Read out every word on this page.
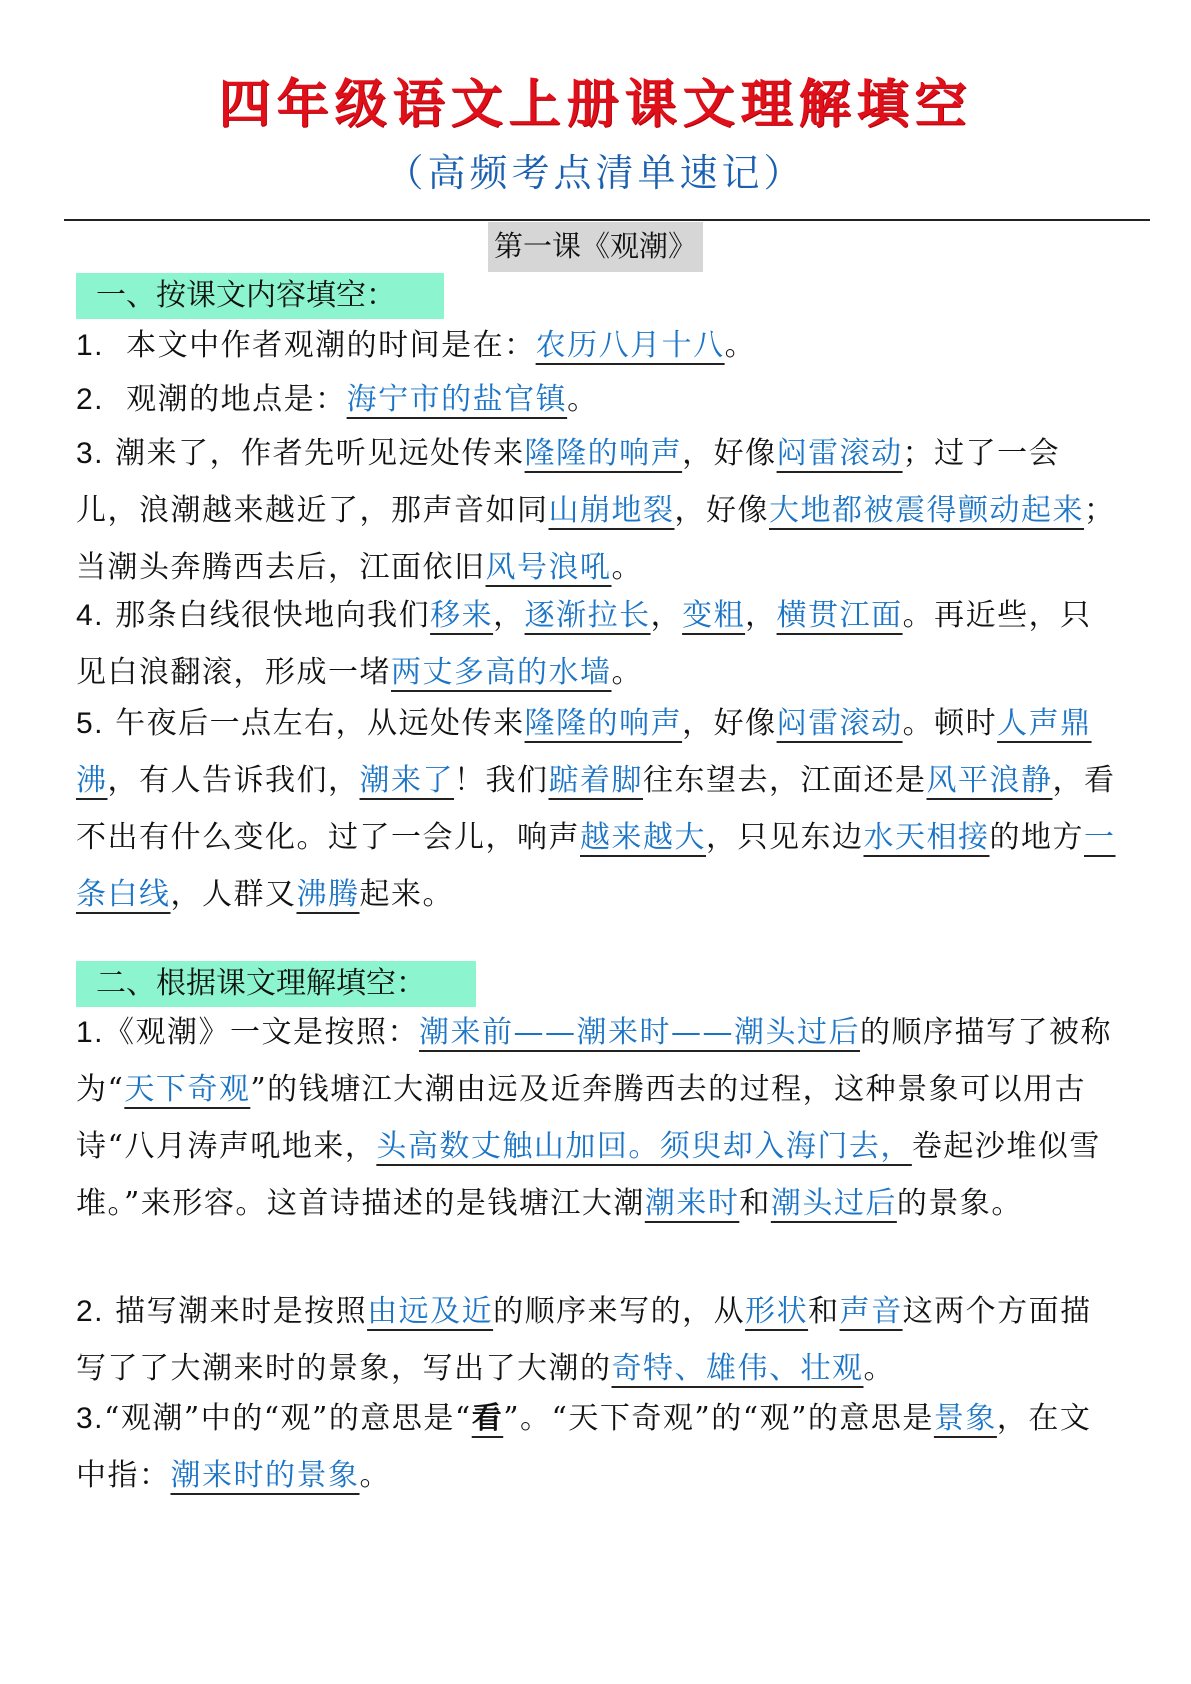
四年级语文上册课文理解填空
（高频考点清单速记）
第一课《观潮》
一、按课文内容填空：
1.  本文中作者观潮的时间是在：农历八月十八。
2.  观潮的地点是：海宁市的盐官镇。
3. 潮来了，作者先听见远处传来隆隆的响声，好像闷雷滚动；过了一会儿，浪潮越来越近了，那声音如同山崩地裂，好像大地都被震得颤动起来；当潮头奔腾西去后，江面依旧风号浪吼。
4. 那条白线很快地向我们移来，逐渐拉长，变粗，横贯江面。再近些，只见白浪翻滚，形成一堵两丈多高的水墙。
5. 午夜后一点左右，从远处传来隆隆的响声，好像闷雷滚动。顿时人声鼎沸，有人告诉我们，潮来了！我们踮着脚往东望去，江面还是风平浪静，看不出有什么变化。过了一会儿，响声越来越大，只见东边水天相接的地方一条白线，人群又沸腾起来。
二、根据课文理解填空：
1.《观潮》一文是按照：潮来前——潮来时——潮头过后的顺序描写了被称为“天下奇观”的钱塘江大潮由远及近奔腾西去的过程，这种景象可以用古诗“八月涛声吼地来，头高数丈触山加回。须臾却入海门去，卷起沙堆似雪堆。”来形容。这首诗描述的是钱塘江大潮潮来时和潮头过后的景象。
2. 描写潮来时是按照由远及近的顺序来写的，从形状和声音这两个方面描写了了大潮来时的景象，写出了大潮的奇特、雄伟、壮观。
3.“观潮”中的“观”的意思是“看”。“天下奇观”的“观”的意思是景象，在文中指：潮来时的景象。
